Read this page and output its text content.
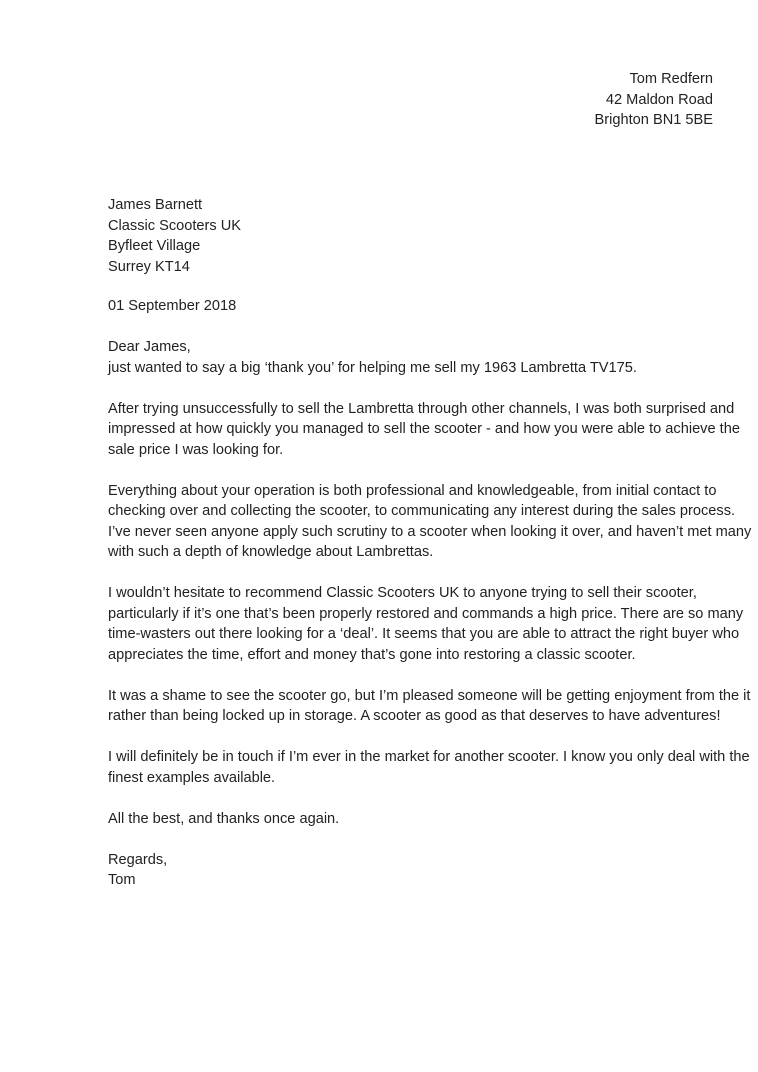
Tom Redfern
42 Maldon Road
Brighton BN1 5BE
James Barnett
Classic Scooters UK
Byfleet Village
Surrey KT14
01 September 2018
Dear James,
just wanted to say a big ‘thank you’ for helping me sell my 1963 Lambretta TV175.
After trying unsuccessfully to sell the Lambretta through other channels, I was both surprised and
impressed at how quickly you managed to sell the scooter - and how you were able to achieve the
sale price I was looking for.
Everything about your operation is both professional and knowledgeable, from initial contact to
checking over and collecting the scooter, to communicating any interest during the sales process.
I’ve never seen anyone apply such scrutiny to a scooter when looking it over, and haven’t met many
with such a depth of knowledge about Lambrettas.
I wouldn’t hesitate to recommend Classic Scooters UK to anyone trying to sell their scooter,
particularly if it’s one that’s been properly restored and commands a high price. There are so many
time-wasters out there looking for a ‘deal’. It seems that you are able to attract the right buyer who
appreciates the time, effort and money that’s gone into restoring a classic scooter.
It was a shame to see the scooter go, but I’m pleased someone will be getting enjoyment from the it
rather than being locked up in storage. A scooter as good as that deserves to have adventures!
I will definitely be in touch if I’m ever in the market for another scooter. I know you only deal with the
finest examples available.
All the best, and thanks once again.
Regards,
Tom
